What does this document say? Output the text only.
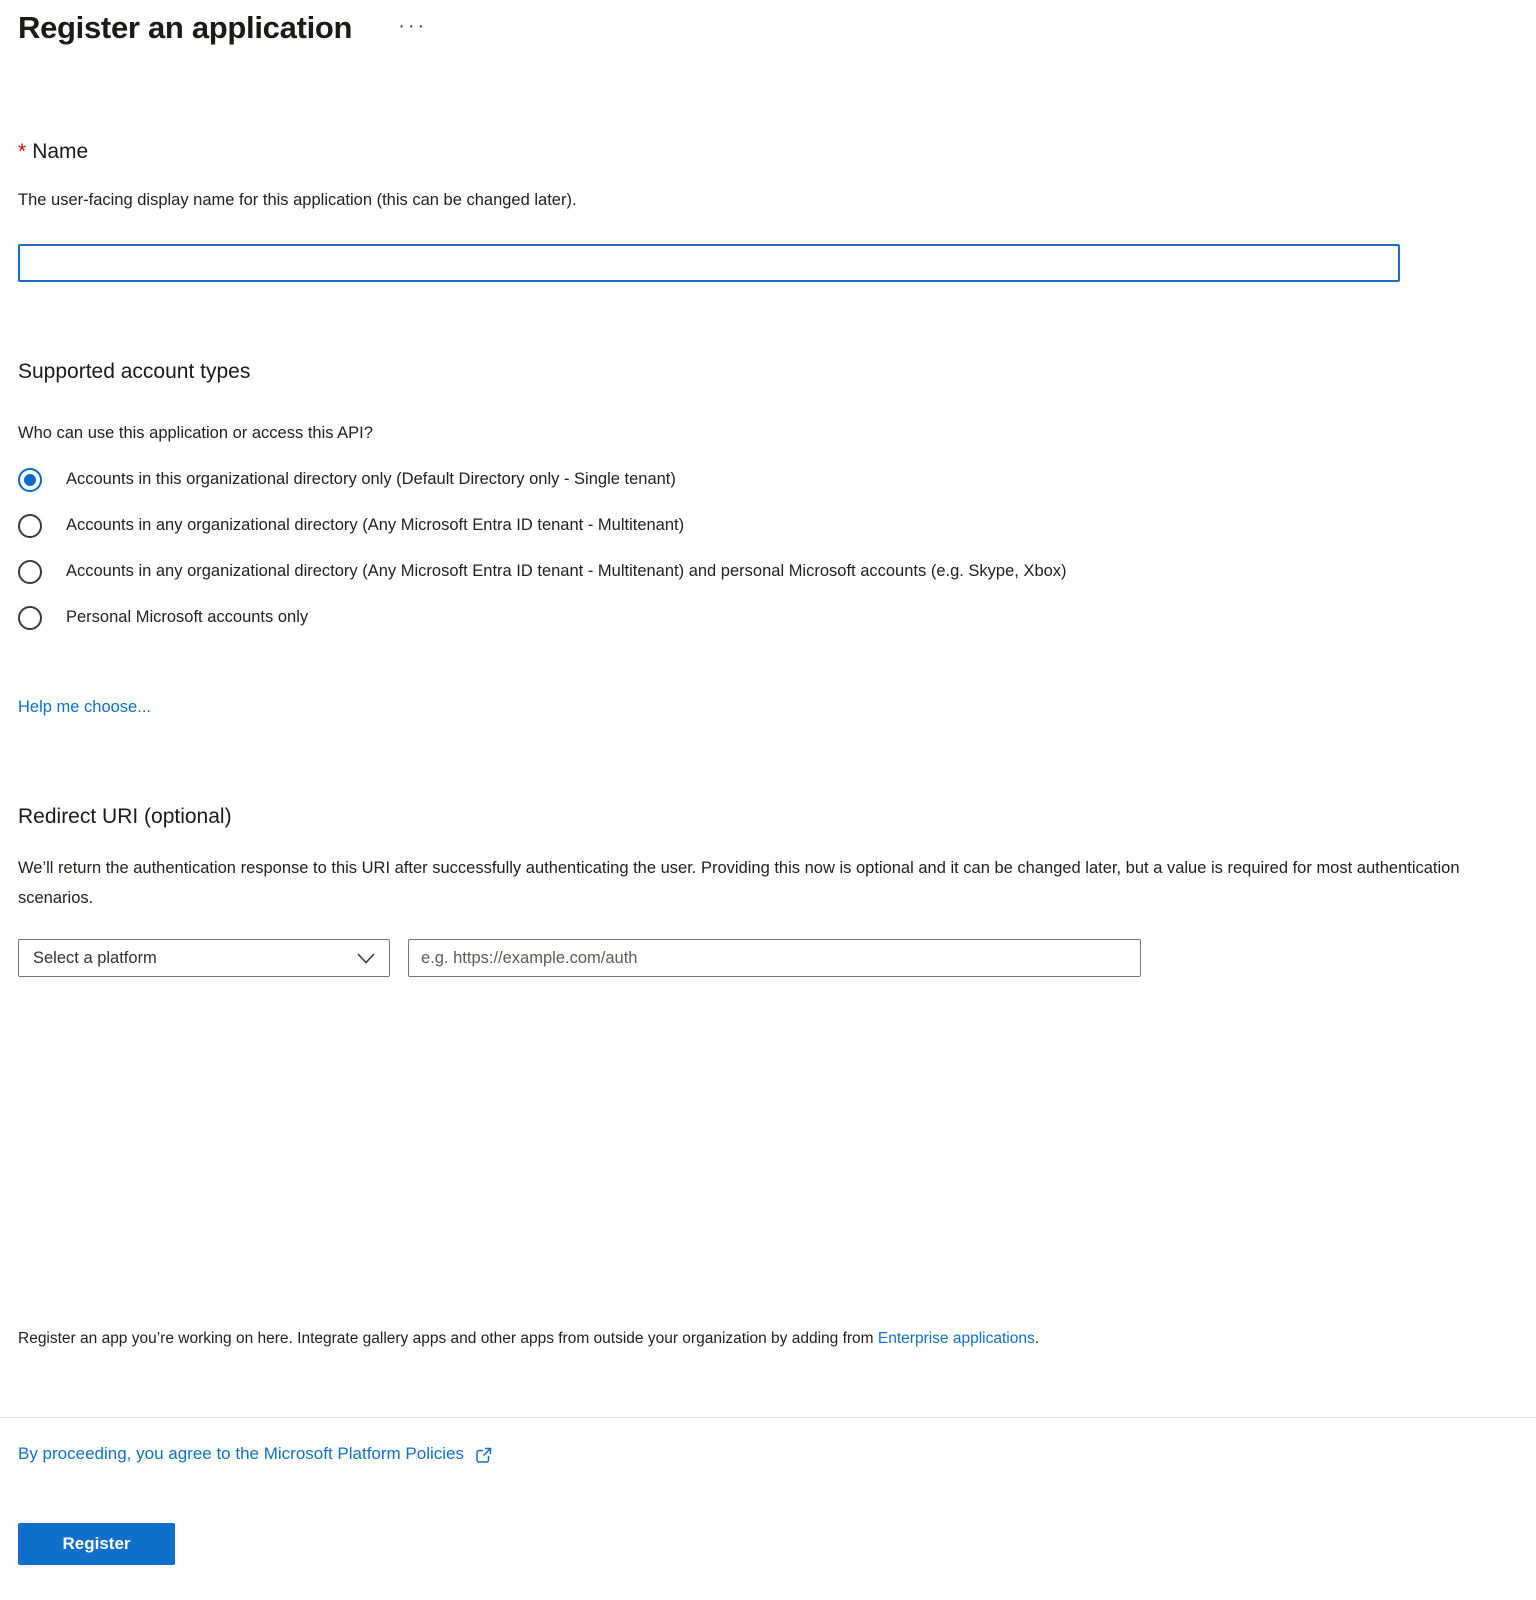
Register an application ···
* Name
The user-facing display name for this application (this can be changed later).
Supported account types
Who can use this application or access this API?
Accounts in this organizational directory only (Default Directory only - Single tenant)
Accounts in any organizational directory (Any Microsoft Entra ID tenant - Multitenant)
Accounts in any organizational directory (Any Microsoft Entra ID tenant - Multitenant) and personal Microsoft accounts (e.g. Skype, Xbox)
Personal Microsoft accounts only
Help me choose...
Redirect URI (optional)
We’ll return the authentication response to this URI after successfully authenticating the user. Providing this now is optional and it can be changed later, but a value is required for most authentication scenarios.
Select a platform
e.g. https://example.com/auth
Register an app you’re working on here. Integrate gallery apps and other apps from outside your organization by adding from Enterprise applications.
By proceeding, you agree to the Microsoft Platform Policies
Register
